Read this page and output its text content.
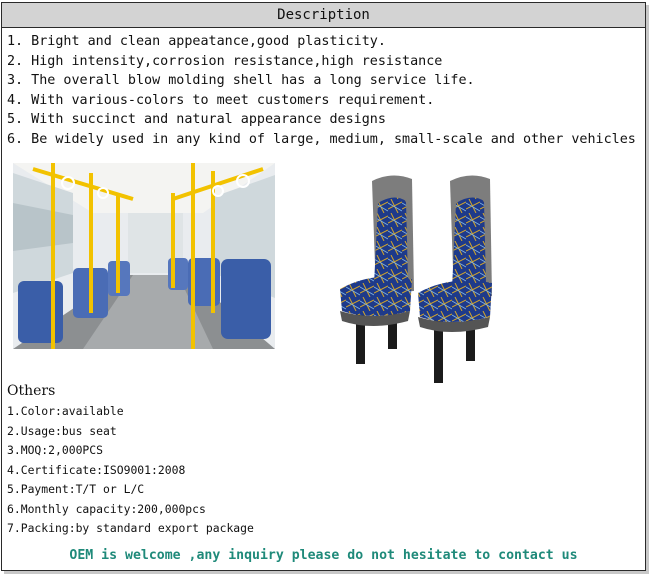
Description
1. Bright and clean appeatance,good plasticity.
2. High intensity,corrosion resistance,high resistance
3. The overall blow molding shell has a long service life.
4. With various-colors to meet customers requirement.
5. With succinct and natural appearance designs
6. Be widely used in any kind of large, medium, small-scale and other vehicles
Others
1.Color:available
2.Usage:bus seat
3.MOQ:2,000PCS
4.Certificate:ISO9001:2008
5.Payment:T/T or L/C
6.Monthly capacity:200,000pcs
7.Packing:by standard export package
OEM is welcome ,any inquiry please do not hesitate to contact us
